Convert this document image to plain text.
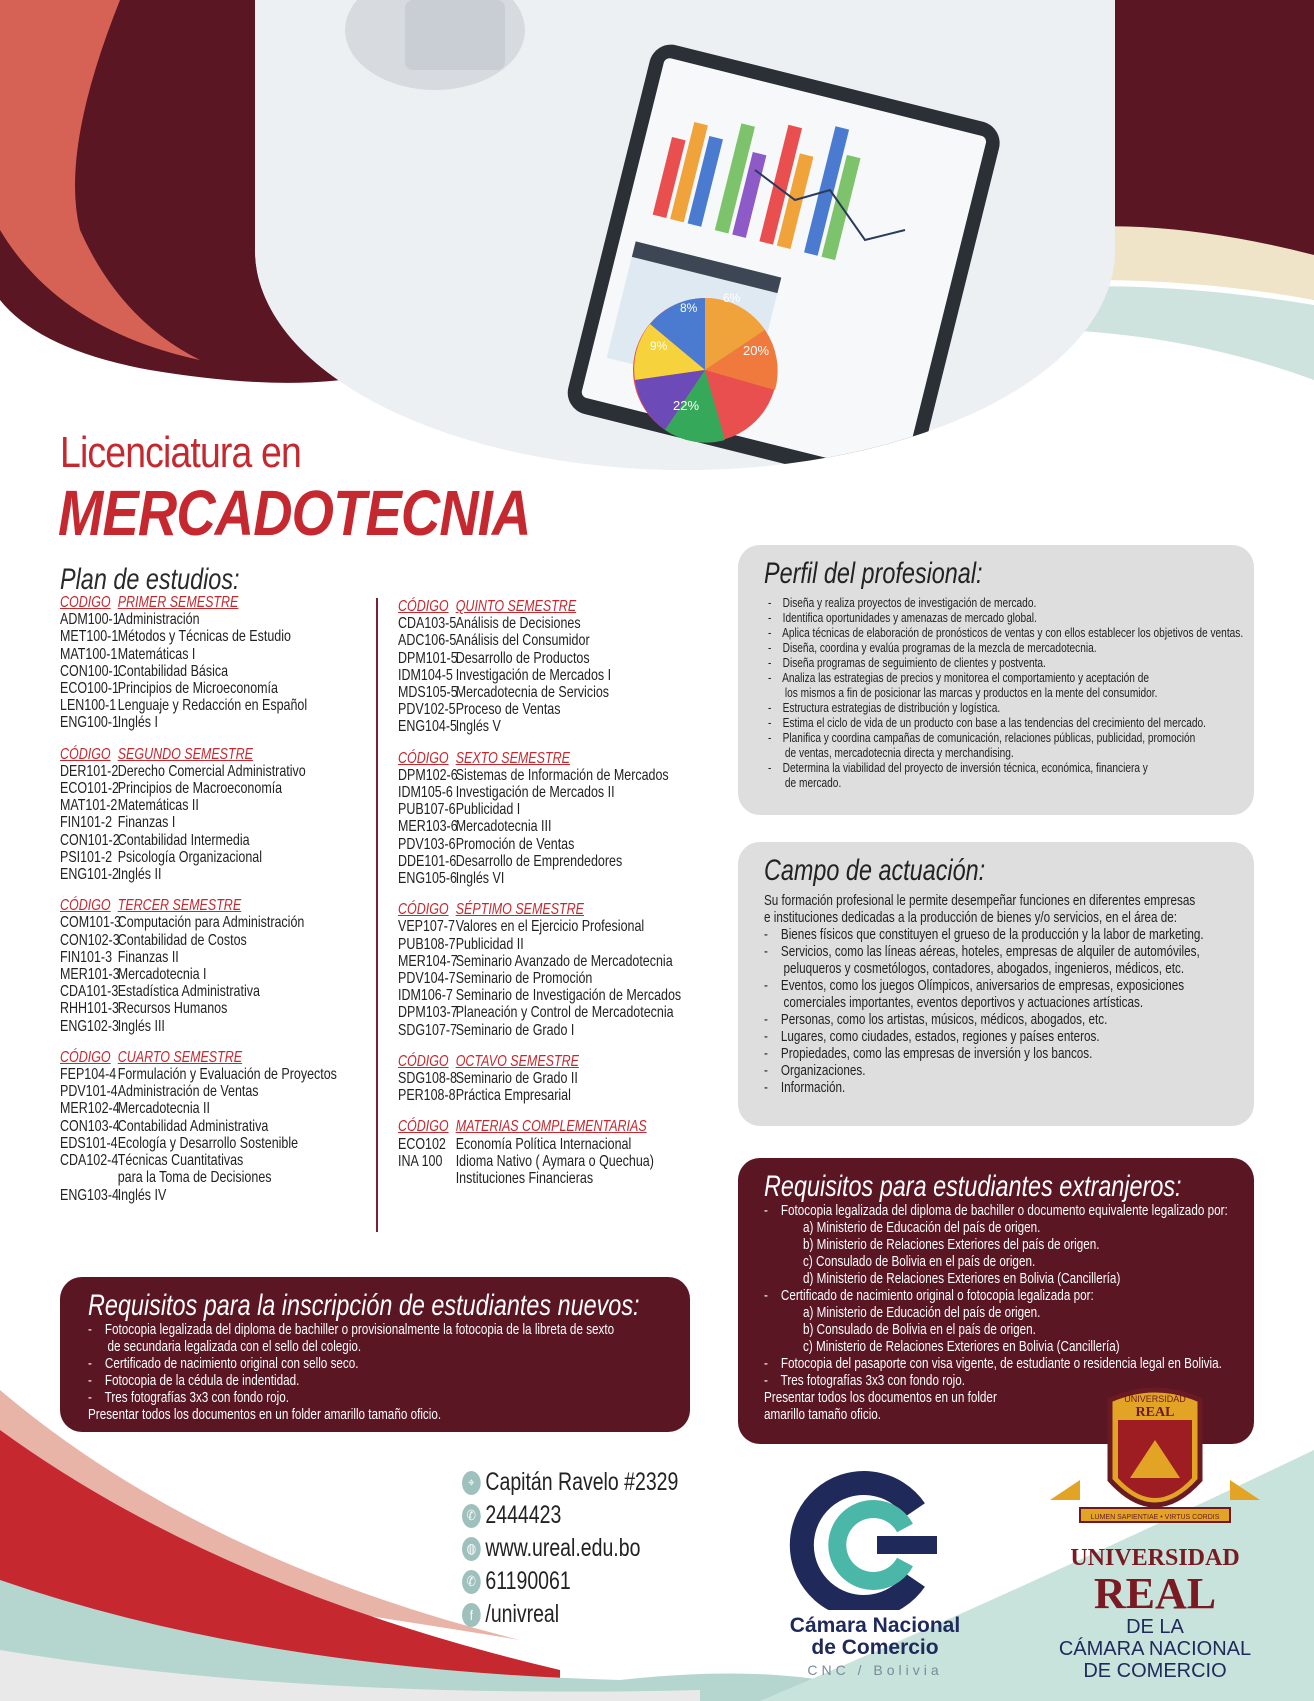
6%
8%
9%	20%
22%
Licenciatura en
MERCADOTECNIA
Plan de estudios:
CODIGO PRIMER SEMESTRE
ADM100-1
Administración
MET100-1 Métodos y Técnicas de Estudio
MAT100-1 Matemáticas I
CON100-1
Contabilidad Básica
ECO100-1
Principios de Microeconomía
LEN100-1 Lenguaje y Redacción en Español
ENG100-1
Inglés I
CÓDIGO SEGUNDO SEMESTRE
DER101-2 Derecho Comercial Administrativo
ECO101-2
Principios de Macroeconomía
MAT101-2 Matemáticas II
FIN101-2 Finanzas I
CON101-2
Contabilidad Intermedia
PSI101-2 Psicología Organizacional
ENG101-2
Inglés II
CÓDIGO TERCER SEMESTRE
COM101-3
Computación para Administración
CON102-3
Contabilidad de Costos
FIN101-3 Finanzas II
MER101-3
Mercadotecnia I
CDA101-3 Estadística Administrativa
RHH101-3
Recursos Humanos
ENG102-3
Inglés III
CÓDIGO CUARTO SEMESTRE
FEP104-4 Formulación y Evaluación de Proyectos
PDV101-4 Administración de Ventas
MER102-4
Mercadotecnia II
CON103-4
Contabilidad Administrativa
EDS101-4 Ecología y Desarrollo Sostenible
CDA102-4 Técnicas Cuantitativas
para la Toma de Decisiones
ENG103-4
Inglés IV
CÓDIGO QUINTO SEMESTRE
CDA103-5 Análisis de Decisiones
ADC106-5 Análisis del Consumidor
DPM101-5
Desarrollo de Productos
IDM104-5 Investigación de Mercados I
MDS105-5
Mercadotecnia de Servicios
PDV102-5 Proceso de Ventas
ENG104-5
Inglés V
CÓDIGO SEXTO SEMESTRE
DPM102-6
Sistemas de Información de Mercados
IDM105-6 Investigación de Mercados II
PUB107-6 Publicidad I
MER103-6
Mercadotecnia III
PDV103-6 Promoción de Ventas
DDE101-6 Desarrollo de Emprendedores
ENG105-6
Inglés VI
CÓDIGO SÉPTIMO SEMESTRE
VEP107-7 Valores en el Ejercicio Profesional
PUB108-7 Publicidad II
MER104-7
Seminario Avanzado de Mercadotecnia
PDV104-7 Seminario de Promoción
IDM106-7 Seminario de Investigación de Mercados
DPM103-7
Planeación y Control de Mercadotecnia
SDG107-7
Seminario de Grado I
CÓDIGO OCTAVO SEMESTRE
SDG108-8
Seminario de Grado II
PER108-8 Práctica Empresarial
CÓDIGO MATERIAS COMPLEMENTARIAS
ECO102 Economía Política Internacional
INA 100 Idioma Nativo ( Aymara o Quechua)
Instituciones Financieras
Perfil del profesional:
-    Diseña y realiza proyectos de investigación de mercado.
-    Identifica oportunidades y amenazas de mercado global.
-    Aplica técnicas de elaboración de pronósticos de ventas y con ellos establecer los objetivos de ventas.
-    Diseña, coordina y evalúa programas de la mezcla de mercadotecnia.
-    Diseña programas de seguimiento de clientes y postventa.
-    Analiza las estrategias de precios y monitorea el comportamiento y aceptación de
los mismos a fin de posicionar las marcas y productos en la mente del consumidor.
-    Estructura estrategias de distribución y logística.
-    Estima el ciclo de vida de un producto con base a las tendencias del crecimiento del mercado.
-    Planifica y coordina campañas de comunicación, relaciones públicas, publicidad, promoción
de ventas, mercadotecnia directa y merchandising.
-    Determina la viabilidad del proyecto de inversión técnica, económica, financiera y
de mercado.
Campo de actuación:
Su formación profesional le permite desempeñar funciones en diferentes empresas
e instituciones dedicadas a la producción de bienes y/o servicios, en el área de:
-    Bienes físicos que constituyen el grueso de la producción y la labor de marketing.
-    Servicios, como las líneas aéreas, hoteles, empresas de alquiler de automóviles,
peluqueros y cosmetólogos, contadores, abogados, ingenieros, médicos, etc.
-    Eventos, como los juegos Olímpicos, aniversarios de empresas, exposiciones
comerciales importantes, eventos deportivos y actuaciones artísticas.
-    Personas, como los artistas, músicos, médicos, abogados, etc.
-    Lugares, como ciudades, estados, regiones y países enteros.
-    Propiedades, como las empresas de inversión y los bancos.
-    Organizaciones.
-    Información.
Requisitos para estudiantes extranjeros:
-    Fotocopia legalizada del diploma de bachiller o documento equivalente legalizado por:
a) Ministerio de Educación del país de origen.
b) Ministerio de Relaciones Exteriores del país de origen.
c) Consulado de Bolivia en el país de origen.
d) Ministerio de Relaciones Exteriores en Bolivia (Cancillería)
-    Certificado de nacimiento original o fotocopia legalizada por:
a) Ministerio de Educación del país de origen.
b) Consulado de Bolivia en el país de origen.
c) Ministerio de Relaciones Exteriores en Bolivia (Cancillería)
-    Fotocopia del pasaporte con visa vigente, de estudiante o residencia legal en Bolivia.
-    Tres fotografías 3x3 con fondo rojo.
Presentar todos los documentos en un folder
amarillo tamaño oficio.
Requisitos para la inscripción de estudiantes nuevos:
-    Fotocopia legalizada del diploma de bachiller o provisionalmente la fotocopia de la libreta de sexto
de secundaria legalizada con el sello del colegio.
-    Certificado de nacimiento original con sello seco.
-    Fotocopia de la cédula de indentidad.
-    Tres fotografías 3x3 con fondo rojo.
Presentar todos los documentos en un folder amarillo tamaño oficio.
⌖ Capitán Ravelo #2329
✆ 2444423
◍ www.ureal.edu.bo
✆ 61190061
f /univreal	Cámara Nacional
de Comercio
CNC / Bolivia
UNIVERSIDAD
REAL
LUMEN SAPIENTIAE • VIRTUS CORDIS
UNIVERSIDAD
REAL
DE LA
CÁMARA NACIONAL
DE COMERCIO
